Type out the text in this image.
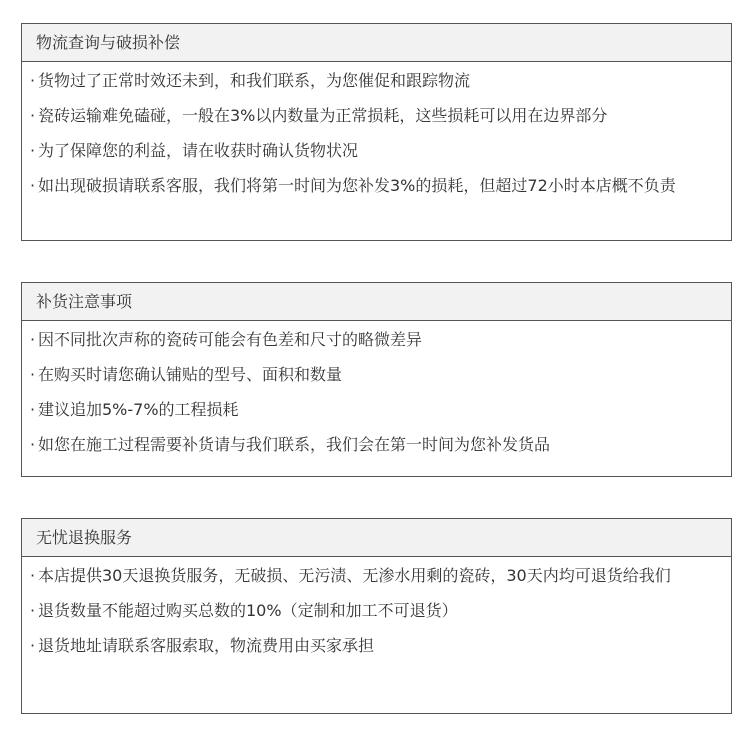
物流查询与破损补偿
· 货物过了正常时效还未到，和我们联系，为您催促和跟踪物流
· 瓷砖运输难免磕碰，一般在3%以内数量为正常损耗，这些损耗可以用在边界部分
· 为了保障您的利益，请在收获时确认货物状况
· 如出现破损请联系客服，我们将第一时间为您补发3%的损耗，但超过72小时本店概不负责
补货注意事项
· 因不同批次声称的瓷砖可能会有色差和尺寸的略微差异
· 在购买时请您确认铺贴的型号、面积和数量
· 建议追加5%-7%的工程损耗
· 如您在施工过程需要补货请与我们联系，我们会在第一时间为您补发货品
无忧退换服务
· 本店提供30天退换货服务，无破损、无污渍、无渗水用剩的瓷砖，30天内均可退货给我们
· 退货数量不能超过购买总数的10%（定制和加工不可退货）
· 退货地址请联系客服索取，物流费用由买家承担
